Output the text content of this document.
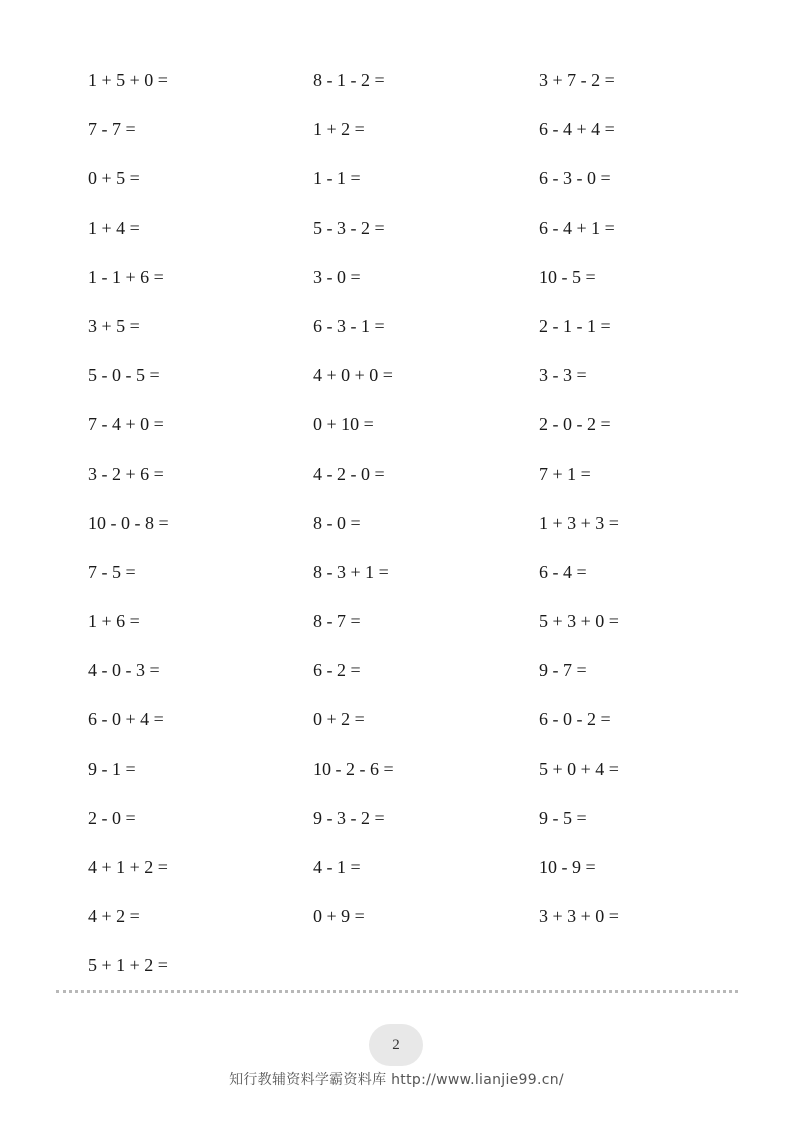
1 + 5 + 0 =
7 - 7 =
0 + 5 =
1 + 4 =
1 - 1 + 6 =
3 + 5 =
5 - 0 - 5 =
7 - 4 + 0 =
3 - 2 + 6 =
10 - 0 - 8 =
7 - 5 =
1 + 6 =
4 - 0 - 3 =
6 - 0 + 4 =
9 - 1 =
2 - 0 =
4 + 1 + 2 =
4 + 2 =
5 + 1 + 2 =
8 - 1 - 2 =
1 + 2 =
1 - 1 =
5 - 3 - 2 =
3 - 0 =
6 - 3 - 1 =
4 + 0 + 0 =
0 + 10 =
4 - 2 - 0 =
8 - 0 =
8 - 3 + 1 =
8 - 7 =
6 - 2 =
0 + 2 =
10 - 2 - 6 =
9 - 3 - 2 =
4 - 1 =
0 + 9 =
3 + 7 - 2 =
6 - 4 + 4 =
6 - 3 - 0 =
6 - 4 + 1 =
10 - 5 =
2 - 1 - 1 =
3 - 3 =
2 - 0 - 2 =
7 + 1 =
1 + 3 + 3 =
6 - 4 =
5 + 3 + 0 =
9 - 7 =
6 - 0 - 2 =
5 + 0 + 4 =
9 - 5 =
10 - 9 =
3 + 3 + 0 =
2
知行教辅资料学霸资料库 http://www.lianjie99.cn/
